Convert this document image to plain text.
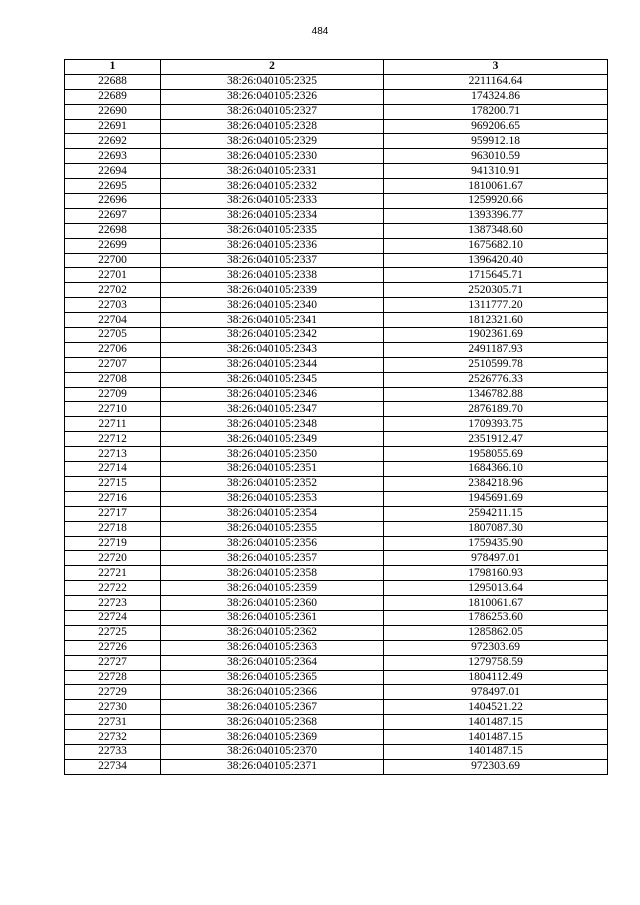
484
1	2	3
22688	38:26:040105:2325	2211164.64
22689	38:26:040105:2326	174324.86
22690	38:26:040105:2327	178200.71
22691	38:26:040105:2328	969206.65
22692	38:26:040105:2329	959912.18
22693	38:26:040105:2330	963010.59
22694	38:26:040105:2331	941310.91
22695	38:26:040105:2332	1810061.67
22696	38:26:040105:2333	1259920.66
22697	38:26:040105:2334	1393396.77
22698	38:26:040105:2335	1387348.60
22699	38:26:040105:2336	1675682.10
22700	38:26:040105:2337	1396420.40
22701	38:26:040105:2338	1715645.71
22702	38:26:040105:2339	2520305.71
22703	38:26:040105:2340	1311777.20
22704	38:26:040105:2341	1812321.60
22705	38:26:040105:2342	1902361.69
22706	38:26:040105:2343	2491187.93
22707	38:26:040105:2344	2510599.78
22708	38:26:040105:2345	2526776.33
22709	38:26:040105:2346	1346782.88
22710	38:26:040105:2347	2876189.70
22711	38:26:040105:2348	1709393.75
22712	38:26:040105:2349	2351912.47
22713	38:26:040105:2350	1958055.69
22714	38:26:040105:2351	1684366.10
22715	38:26:040105:2352	2384218.96
22716	38:26:040105:2353	1945691.69
22717	38:26:040105:2354	2594211.15
22718	38:26:040105:2355	1807087.30
22719	38:26:040105:2356	1759435.90
22720	38:26:040105:2357	978497.01
22721	38:26:040105:2358	1798160.93
22722	38:26:040105:2359	1295013.64
22723	38:26:040105:2360	1810061.67
22724	38:26:040105:2361	1786253.60
22725	38:26:040105:2362	1285862.05
22726	38:26:040105:2363	972303.69
22727	38:26:040105:2364	1279758.59
22728	38:26:040105:2365	1804112.49
22729	38:26:040105:2366	978497.01
22730	38:26:040105:2367	1404521.22
22731	38:26:040105:2368	1401487.15
22732	38:26:040105:2369	1401487.15
22733	38:26:040105:2370	1401487.15
22734	38:26:040105:2371	972303.69
